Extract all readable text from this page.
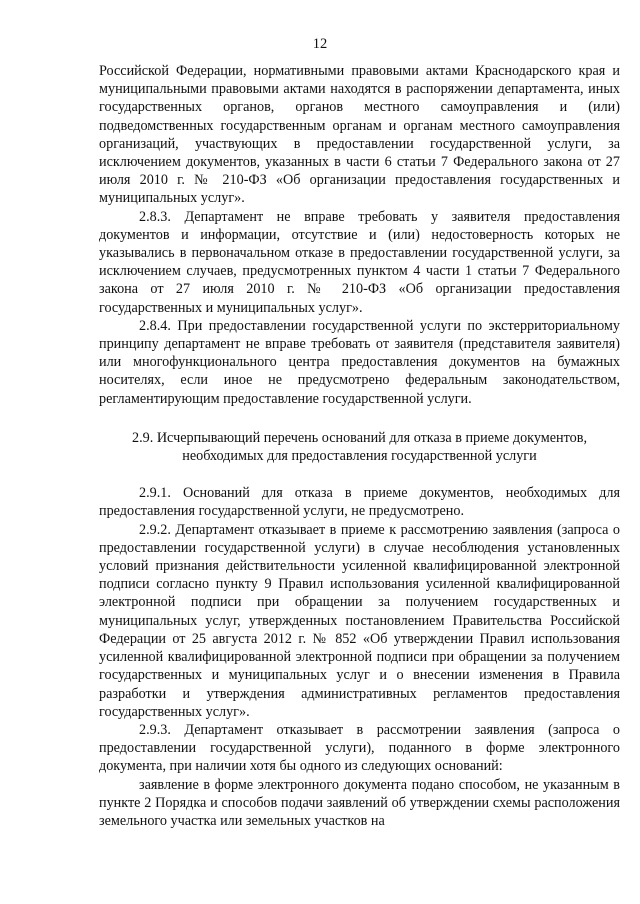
12

Российской Федерации, нормативными правовыми актами Краснодарского края и муниципальными правовыми актами находятся в распоряжении департамента, иных государственных органов, органов местного самоуправления и (или) подведомственных государственным органам и органам местного самоуправления организаций, участвующих в предоставлении государственной услуги, за исключением документов, указанных в части 6 статьи 7 Федерального закона от 27 июля 2010 г. № 210-ФЗ «Об организации предоставления государственных и муниципальных услуг».

2.8.3. Департамент не вправе требовать у заявителя предоставления документов и информации, отсутствие и (или) недостоверность которых не указывались в первоначальном отказе в предоставлении государственной услуги, за исключением случаев, предусмотренных пунктом 4 части 1 статьи 7 Федерального закона от 27 июля 2010 г. № 210-ФЗ «Об организации предоставления государственных и муниципальных услуг».

2.8.4. При предоставлении государственной услуги по экстерриториальному принципу департамент не вправе требовать от заявителя (представителя заявителя) или многофункционального центра предоставления документов на бумажных носителях, если иное не предусмотрено федеральным законодательством, регламентирующим предоставление государственной услуги.

2.9. Исчерпывающий перечень оснований для отказа в приеме документов,
необходимых для предоставления государственной услуги

2.9.1. Оснований для отказа в приеме документов, необходимых для предоставления государственной услуги, не предусмотрено.

2.9.2. Департамент отказывает в приеме к рассмотрению заявления (запроса о предоставлении государственной услуги) в случае несоблюдения установленных условий признания действительности усиленной квалифицированной электронной подписи согласно пункту 9 Правил использования усиленной квалифицированной электронной подписи при обращении за получением государственных и муниципальных услуг, утвержденных постановлением Правительства Российской Федерации от 25 августа 2012 г. № 852 «Об утверждении Правил использования усиленной квалифицированной электронной подписи при обращении за получением государственных и муниципальных услуг и о внесении изменения в Правила разработки и утверждения административных регламентов предоставления государственных услуг».

2.9.3. Департамент отказывает в рассмотрении заявления (запроса о предоставлении государственной услуги), поданного в форме электронного документа, при наличии хотя бы одного из следующих оснований:

заявление в форме электронного документа подано способом, не указанным в пункте 2 Порядка и способов подачи заявлений об утверждении схемы расположения земельного участка или земельных участков на
